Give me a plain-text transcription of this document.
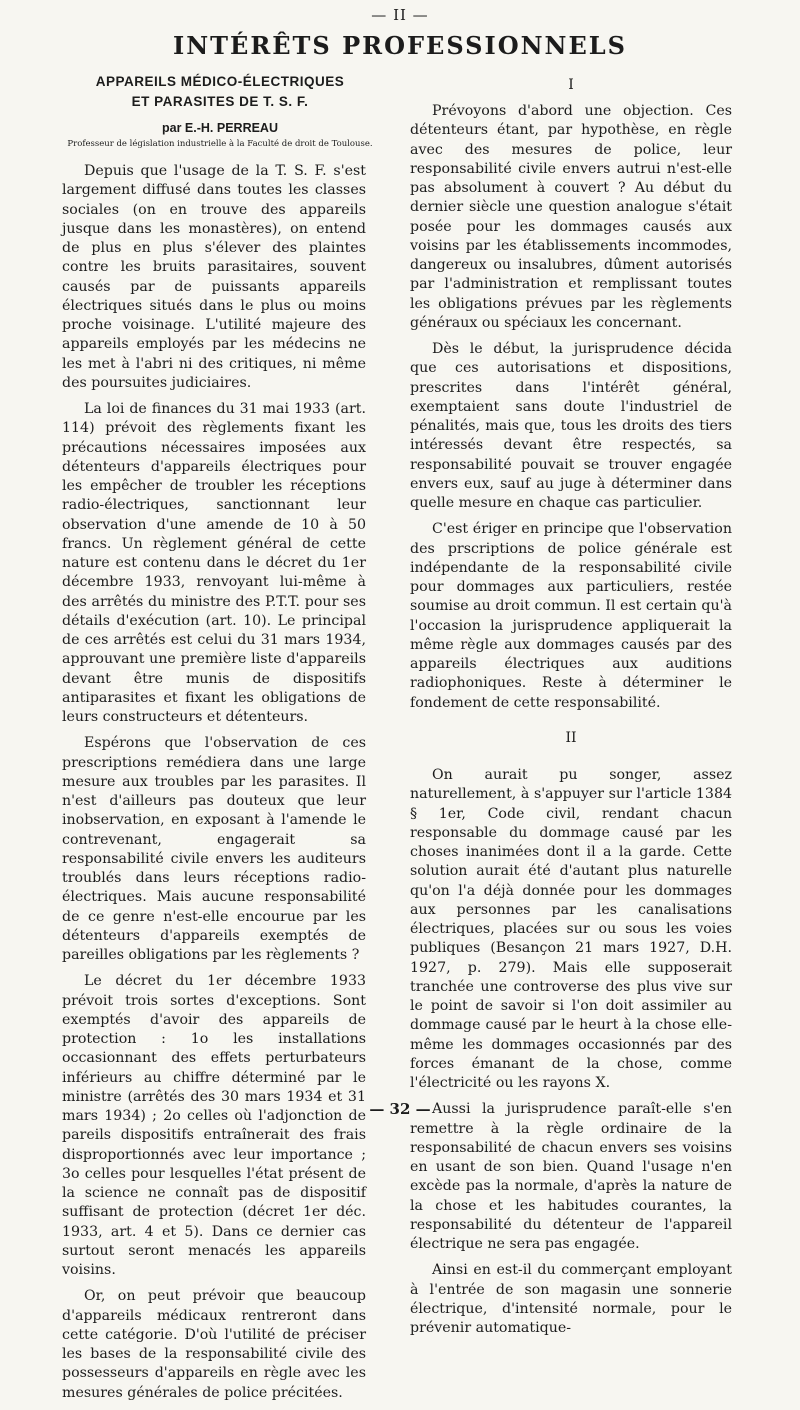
— II —
INTÉRÊTS PROFESSIONNELS
APPAREILS MÉDICO-ÉLECTRIQUES
ET PARASITES DE T. S. F.
par E.-H. PERREAU
Professeur de législation industrielle à la Faculté de droit de Toulouse.

Depuis que l'usage de la T. S. F. s'est largement diffusé dans toutes les classes sociales (on en trouve des appareils jusque dans les monastères), on entend de plus en plus s'élever des plaintes contre les bruits parasitaires, souvent causés par de puissants appareils électriques situés dans le plus ou moins proche voisinage. L'utilité majeure des appareils employés par les médecins ne les met à l'abri ni des critiques, ni même des poursuites judiciaires.

La loi de finances du 31 mai 1933 (art. 114) prévoit des règlements fixant les précautions nécessaires imposées aux détenteurs d'appareils électriques pour les empêcher de troubler les réceptions radio-électriques, sanctionnant leur observation d'une amende de 10 à 50 francs. Un règlement général de cette nature est contenu dans le décret du 1er décembre 1933, renvoyant lui-même à des arrêtés du ministre des P.T.T. pour ses détails d'exécution (art. 10). Le principal de ces arrêtés est celui du 31 mars 1934, approuvant une première liste d'appareils devant être munis de dispositifs antiparasites et fixant les obligations de leurs constructeurs et détenteurs.

Espérons que l'observation de ces prescriptions remédiera dans une large mesure aux troubles par les parasites. Il n'est d'ailleurs pas douteux que leur inobservation, en exposant à l'amende le contrevenant, engagerait sa responsabilité civile envers les auditeurs troublés dans leurs réceptions radio-électriques. Mais aucune responsabilité de ce genre n'est-elle encourue par les détenteurs d'appareils exemptés de pareilles obligations par les règlements ?

Le décret du 1er décembre 1933 prévoit trois sortes d'exceptions. Sont exemptés d'avoir des appareils de protection : 1o les installations occasionnant des effets perturbateurs inférieurs au chiffre déterminé par le ministre (arrêtés des 30 mars 1934 et 31 mars 1934) ; 2o celles où l'adjonction de pareils dispositifs entraînerait des frais disproportionnés avec leur importance ; 3o celles pour lesquelles l'état présent de la science ne connaît pas de dispositif suffisant de protection (décret 1er déc. 1933, art. 4 et 5). Dans ce dernier cas surtout seront menacés les appareils voisins.

Or, on peut prévoir que beaucoup d'appareils médicaux rentreront dans cette catégorie. D'où l'utilité de préciser les bases de la responsabilité civile des possesseurs d'appareils en règle avec les mesures générales de police précitées.

I

Prévoyons d'abord une objection. Ces détenteurs étant, par hypothèse, en règle avec des mesures de police, leur responsabilité civile envers autrui n'est-elle pas absolument à couvert ? Au début du dernier siècle une question analogue s'était posée pour les dommages causés aux voisins par les établissements incommodes, dangereux ou insalubres, dûment autorisés par l'administration et remplissant toutes les obligations prévues par les règlements généraux ou spéciaux les concernant.

Dès le début, la jurisprudence décida que ces autorisations et dispositions, prescrites dans l'intérêt général, exemptaient sans doute l'industriel de pénalités, mais que, tous les droits des tiers intéressés devant être respectés, sa responsabilité pouvait se trouver engagée envers eux, sauf au juge à déterminer dans quelle mesure en chaque cas particulier.

C'est ériger en principe que l'observation des prscriptions de police générale est indépendante de la responsabilité civile pour dommages aux particuliers, restée soumise au droit commun. Il est certain qu'à l'occasion la jurisprudence appliquerait la même règle aux dommages causés par des appareils électriques aux auditions radiophoniques. Reste à déterminer le fondement de cette responsabilité.

II

On aurait pu songer, assez naturellement, à s'appuyer sur l'article 1384 § 1er, Code civil, rendant chacun responsable du dommage causé par les choses inanimées dont il a la garde. Cette solution aurait été d'autant plus naturelle qu'on l'a déjà donnée pour les dommages aux personnes par les canalisations électriques, placées sur ou sous les voies publiques (Besançon 21 mars 1927, D.H. 1927, p. 279). Mais elle supposerait tranchée une controverse des plus vive sur le point de savoir si l'on doit assimiler au dommage causé par le heurt à la chose elle-même les dommages occasionnés par des forces émanant de la chose, comme l'électricité ou les rayons X.

Aussi la jurisprudence paraît-elle s'en remettre à la règle ordinaire de la responsabilité de chacun envers ses voisins en usant de son bien. Quand l'usage n'en excède pas la normale, d'après la nature de la chose et les habitudes courantes, la responsabilité du détenteur de l'appareil électrique ne sera pas engagée.

Ainsi en est-il du commerçant employant à l'entrée de son magasin une sonnerie électrique, d'intensité normale, pour le prévenir automatique-

— 32 —
